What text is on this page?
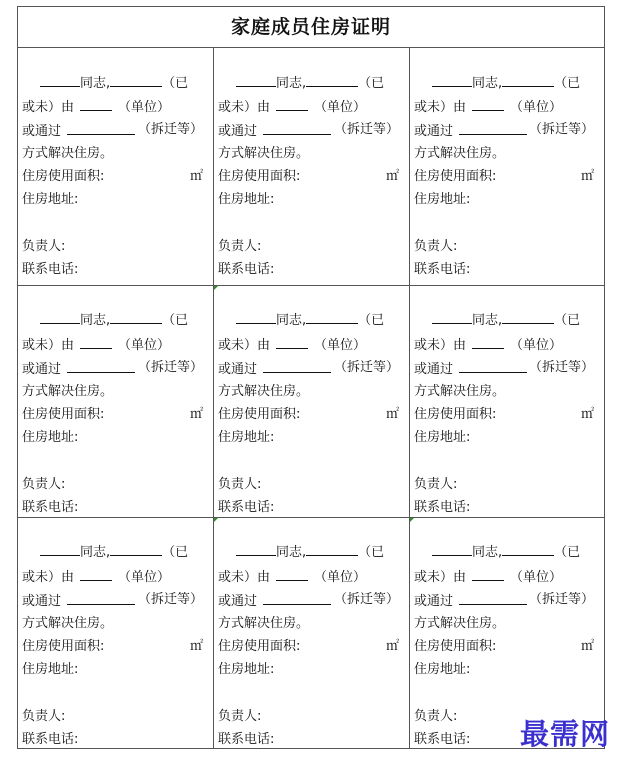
家庭成员住房证明
同志,	（已
或未）由	（单位）
或通过	（拆迁等）
方式解决住房。
住房使用面积:	㎡
住房地址:
负责人:
联系电话:
同志,	（已
或未）由	（单位）
或通过	（拆迁等）
方式解决住房。
住房使用面积:	㎡
住房地址:
负责人:
联系电话:
同志,	（已
或未）由	（单位）
或通过	（拆迁等）
方式解决住房。
住房使用面积:	㎡
住房地址:
负责人:
联系电话:
同志,	（已
或未）由	（单位）
或通过	（拆迁等）
方式解决住房。
住房使用面积:	㎡
住房地址:
负责人:
联系电话:
同志,	（已
或未）由	（单位）
或通过	（拆迁等）
方式解决住房。
住房使用面积:	㎡
住房地址:
负责人:
联系电话:
同志,	（已
或未）由	（单位）
或通过	（拆迁等）
方式解决住房。
住房使用面积:	㎡
住房地址:
负责人:
联系电话:
同志,	（已
或未）由	（单位）
或通过	（拆迁等）
方式解决住房。
住房使用面积:	㎡
住房地址:
负责人:
联系电话:
同志,	（已
或未）由	（单位）
或通过	（拆迁等）
方式解决住房。
住房使用面积:	㎡
住房地址:
负责人:
联系电话:
同志,	（已
或未）由	（单位）
或通过	（拆迁等）
方式解决住房。
住房使用面积:	㎡
住房地址:
负责人:
联系电话:	最需网
